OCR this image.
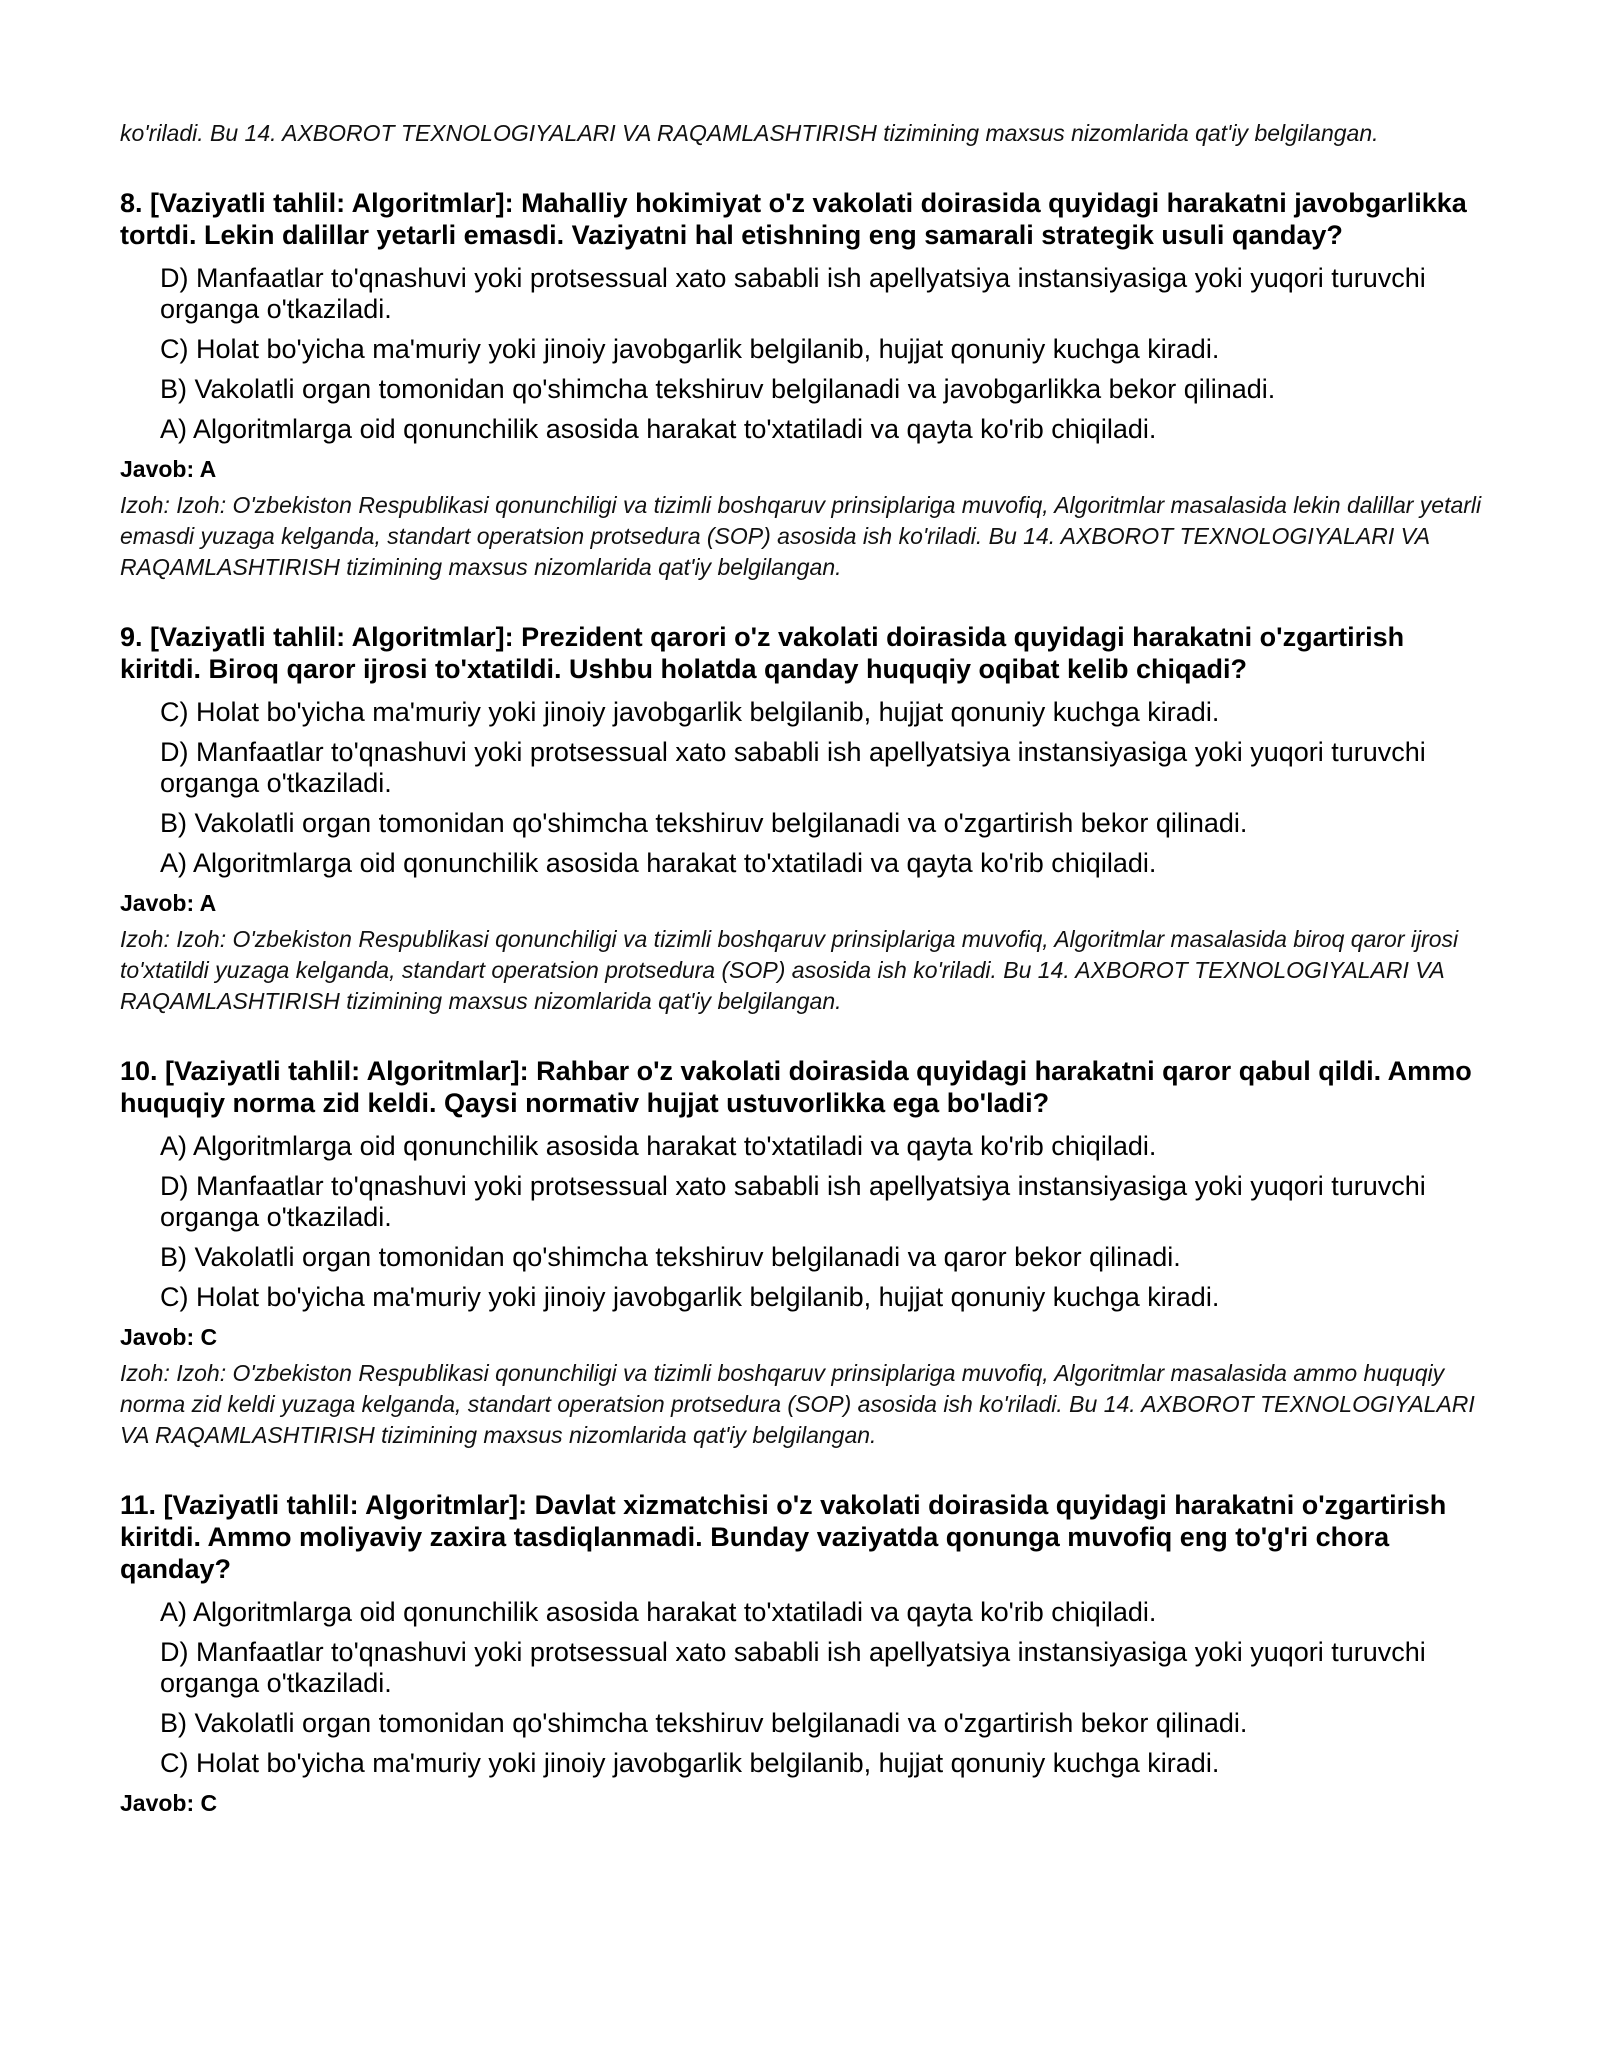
ko'riladi. Bu 14. AXBOROT TEXNOLOGIYALARI VA RAQAMLASHTIRISH tizimining maxsus nizomlarida qat'iy belgilangan.

8. [Vaziyatli tahlil: Algoritmlar]: Mahalliy hokimiyat o'z vakolati doirasida quyidagi harakatni javobgarlikka tortdi. Lekin dalillar yetarli emasdi. Vaziyatni hal etishning eng samarali strategik usuli qanday?

D) Manfaatlar to'qnashuvi yoki protsessual xato sababli ish apellyatsiya instansiyasiga yoki yuqori turuvchi organga o'tkaziladi.

C) Holat bo'yicha ma'muriy yoki jinoiy javobgarlik belgilanib, hujjat qonuniy kuchga kiradi.

B) Vakolatli organ tomonidan qo'shimcha tekshiruv belgilanadi va javobgarlikka bekor qilinadi.

A) Algoritmlarga oid qonunchilik asosida harakat to'xtatiladi va qayta ko'rib chiqiladi.

Javob: A

Izoh: Izoh: O'zbekiston Respublikasi qonunchiligi va tizimli boshqaruv prinsiplariga muvofiq, Algoritmlar masalasida lekin dalillar yetarli emasdi yuzaga kelganda, standart operatsion protsedura (SOP) asosida ish ko'riladi. Bu 14. AXBOROT TEXNOLOGIYALARI VA RAQAMLASHTIRISH tizimining maxsus nizomlarida qat'iy belgilangan.

9. [Vaziyatli tahlil: Algoritmlar]: Prezident qarori o'z vakolati doirasida quyidagi harakatni o'zgartirish kiritdi. Biroq qaror ijrosi to'xtatildi. Ushbu holatda qanday huquqiy oqibat kelib chiqadi?

C) Holat bo'yicha ma'muriy yoki jinoiy javobgarlik belgilanib, hujjat qonuniy kuchga kiradi.

D) Manfaatlar to'qnashuvi yoki protsessual xato sababli ish apellyatsiya instansiyasiga yoki yuqori turuvchi organga o'tkaziladi.

B) Vakolatli organ tomonidan qo'shimcha tekshiruv belgilanadi va o'zgartirish bekor qilinadi.

A) Algoritmlarga oid qonunchilik asosida harakat to'xtatiladi va qayta ko'rib chiqiladi.

Javob: A

Izoh: Izoh: O'zbekiston Respublikasi qonunchiligi va tizimli boshqaruv prinsiplariga muvofiq, Algoritmlar masalasida biroq qaror ijrosi to'xtatildi yuzaga kelganda, standart operatsion protsedura (SOP) asosida ish ko'riladi. Bu 14. AXBOROT TEXNOLOGIYALARI VA RAQAMLASHTIRISH tizimining maxsus nizomlarida qat'iy belgilangan.

10. [Vaziyatli tahlil: Algoritmlar]: Rahbar o'z vakolati doirasida quyidagi harakatni qaror qabul qildi. Ammo huquqiy norma zid keldi. Qaysi normativ hujjat ustuvorlikka ega bo'ladi?

A) Algoritmlarga oid qonunchilik asosida harakat to'xtatiladi va qayta ko'rib chiqiladi.

D) Manfaatlar to'qnashuvi yoki protsessual xato sababli ish apellyatsiya instansiyasiga yoki yuqori turuvchi organga o'tkaziladi.

B) Vakolatli organ tomonidan qo'shimcha tekshiruv belgilanadi va qaror bekor qilinadi.

C) Holat bo'yicha ma'muriy yoki jinoiy javobgarlik belgilanib, hujjat qonuniy kuchga kiradi.

Javob: C

Izoh: Izoh: O'zbekiston Respublikasi qonunchiligi va tizimli boshqaruv prinsiplariga muvofiq, Algoritmlar masalasida ammo huquqiy norma zid keldi yuzaga kelganda, standart operatsion protsedura (SOP) asosida ish ko'riladi. Bu 14. AXBOROT TEXNOLOGIYALARI VA RAQAMLASHTIRISH tizimining maxsus nizomlarida qat'iy belgilangan.

11. [Vaziyatli tahlil: Algoritmlar]: Davlat xizmatchisi o'z vakolati doirasida quyidagi harakatni o'zgartirish kiritdi. Ammo moliyaviy zaxira tasdiqlanmadi. Bunday vaziyatda qonunga muvofiq eng to'g'ri chora qanday?

A) Algoritmlarga oid qonunchilik asosida harakat to'xtatiladi va qayta ko'rib chiqiladi.

D) Manfaatlar to'qnashuvi yoki protsessual xato sababli ish apellyatsiya instansiyasiga yoki yuqori turuvchi organga o'tkaziladi.

B) Vakolatli organ tomonidan qo'shimcha tekshiruv belgilanadi va o'zgartirish bekor qilinadi.

C) Holat bo'yicha ma'muriy yoki jinoiy javobgarlik belgilanib, hujjat qonuniy kuchga kiradi.

Javob: C
